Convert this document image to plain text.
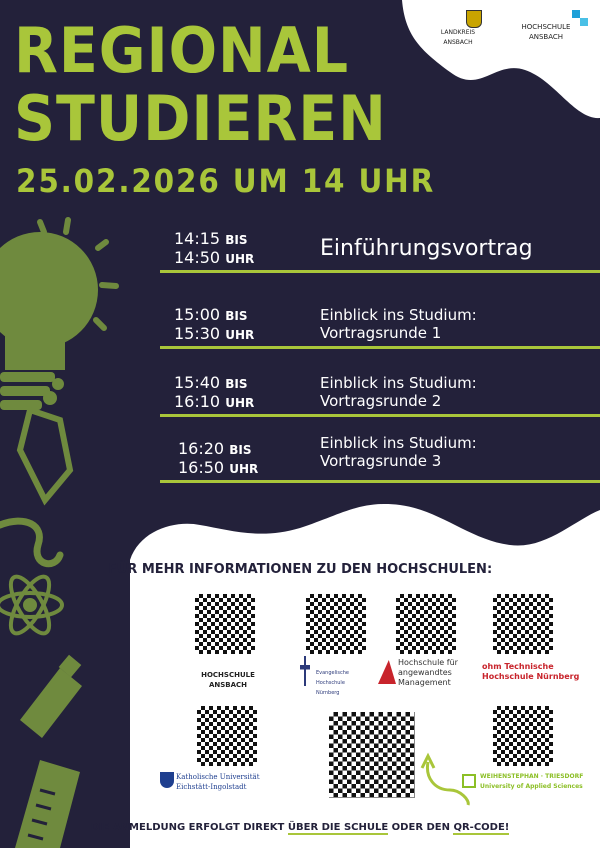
LANDKREIS ANSBACH
HOCHSCHULE ANSBACH
REGIONAL
STUDIEREN
25.02.2026 UM 14 UHR
14:15 BIS
14:50 UHR	Einführungsvortrag
15:00 BIS
15:30 UHR
Einblick ins Studium:
Vortragsrunde 1
15:40 BIS
16:10 UHR
Einblick ins Studium:
Vortragsrunde 2
16:20 BIS
16:50 UHR
Einblick ins Studium:
Vortragsrunde 3
FÜR MEHR INFORMATIONEN ZU DEN HOCHSCHULEN:
HOCHSCHULE ANSBACH
Evangelische Hochschule Nürnberg
Hochschule für angewandtes Management
ohm Technische Hochschule Nürnberg
Katholische Universität Eichstätt-Ingolstadt
WEIHENSTEPHAN · TRIESDORF University of Applied Sciences
DIE ANMELDUNG ERFOLGT DIREKT ÜBER DIE SCHULE ODER DEN QR-CODE!
